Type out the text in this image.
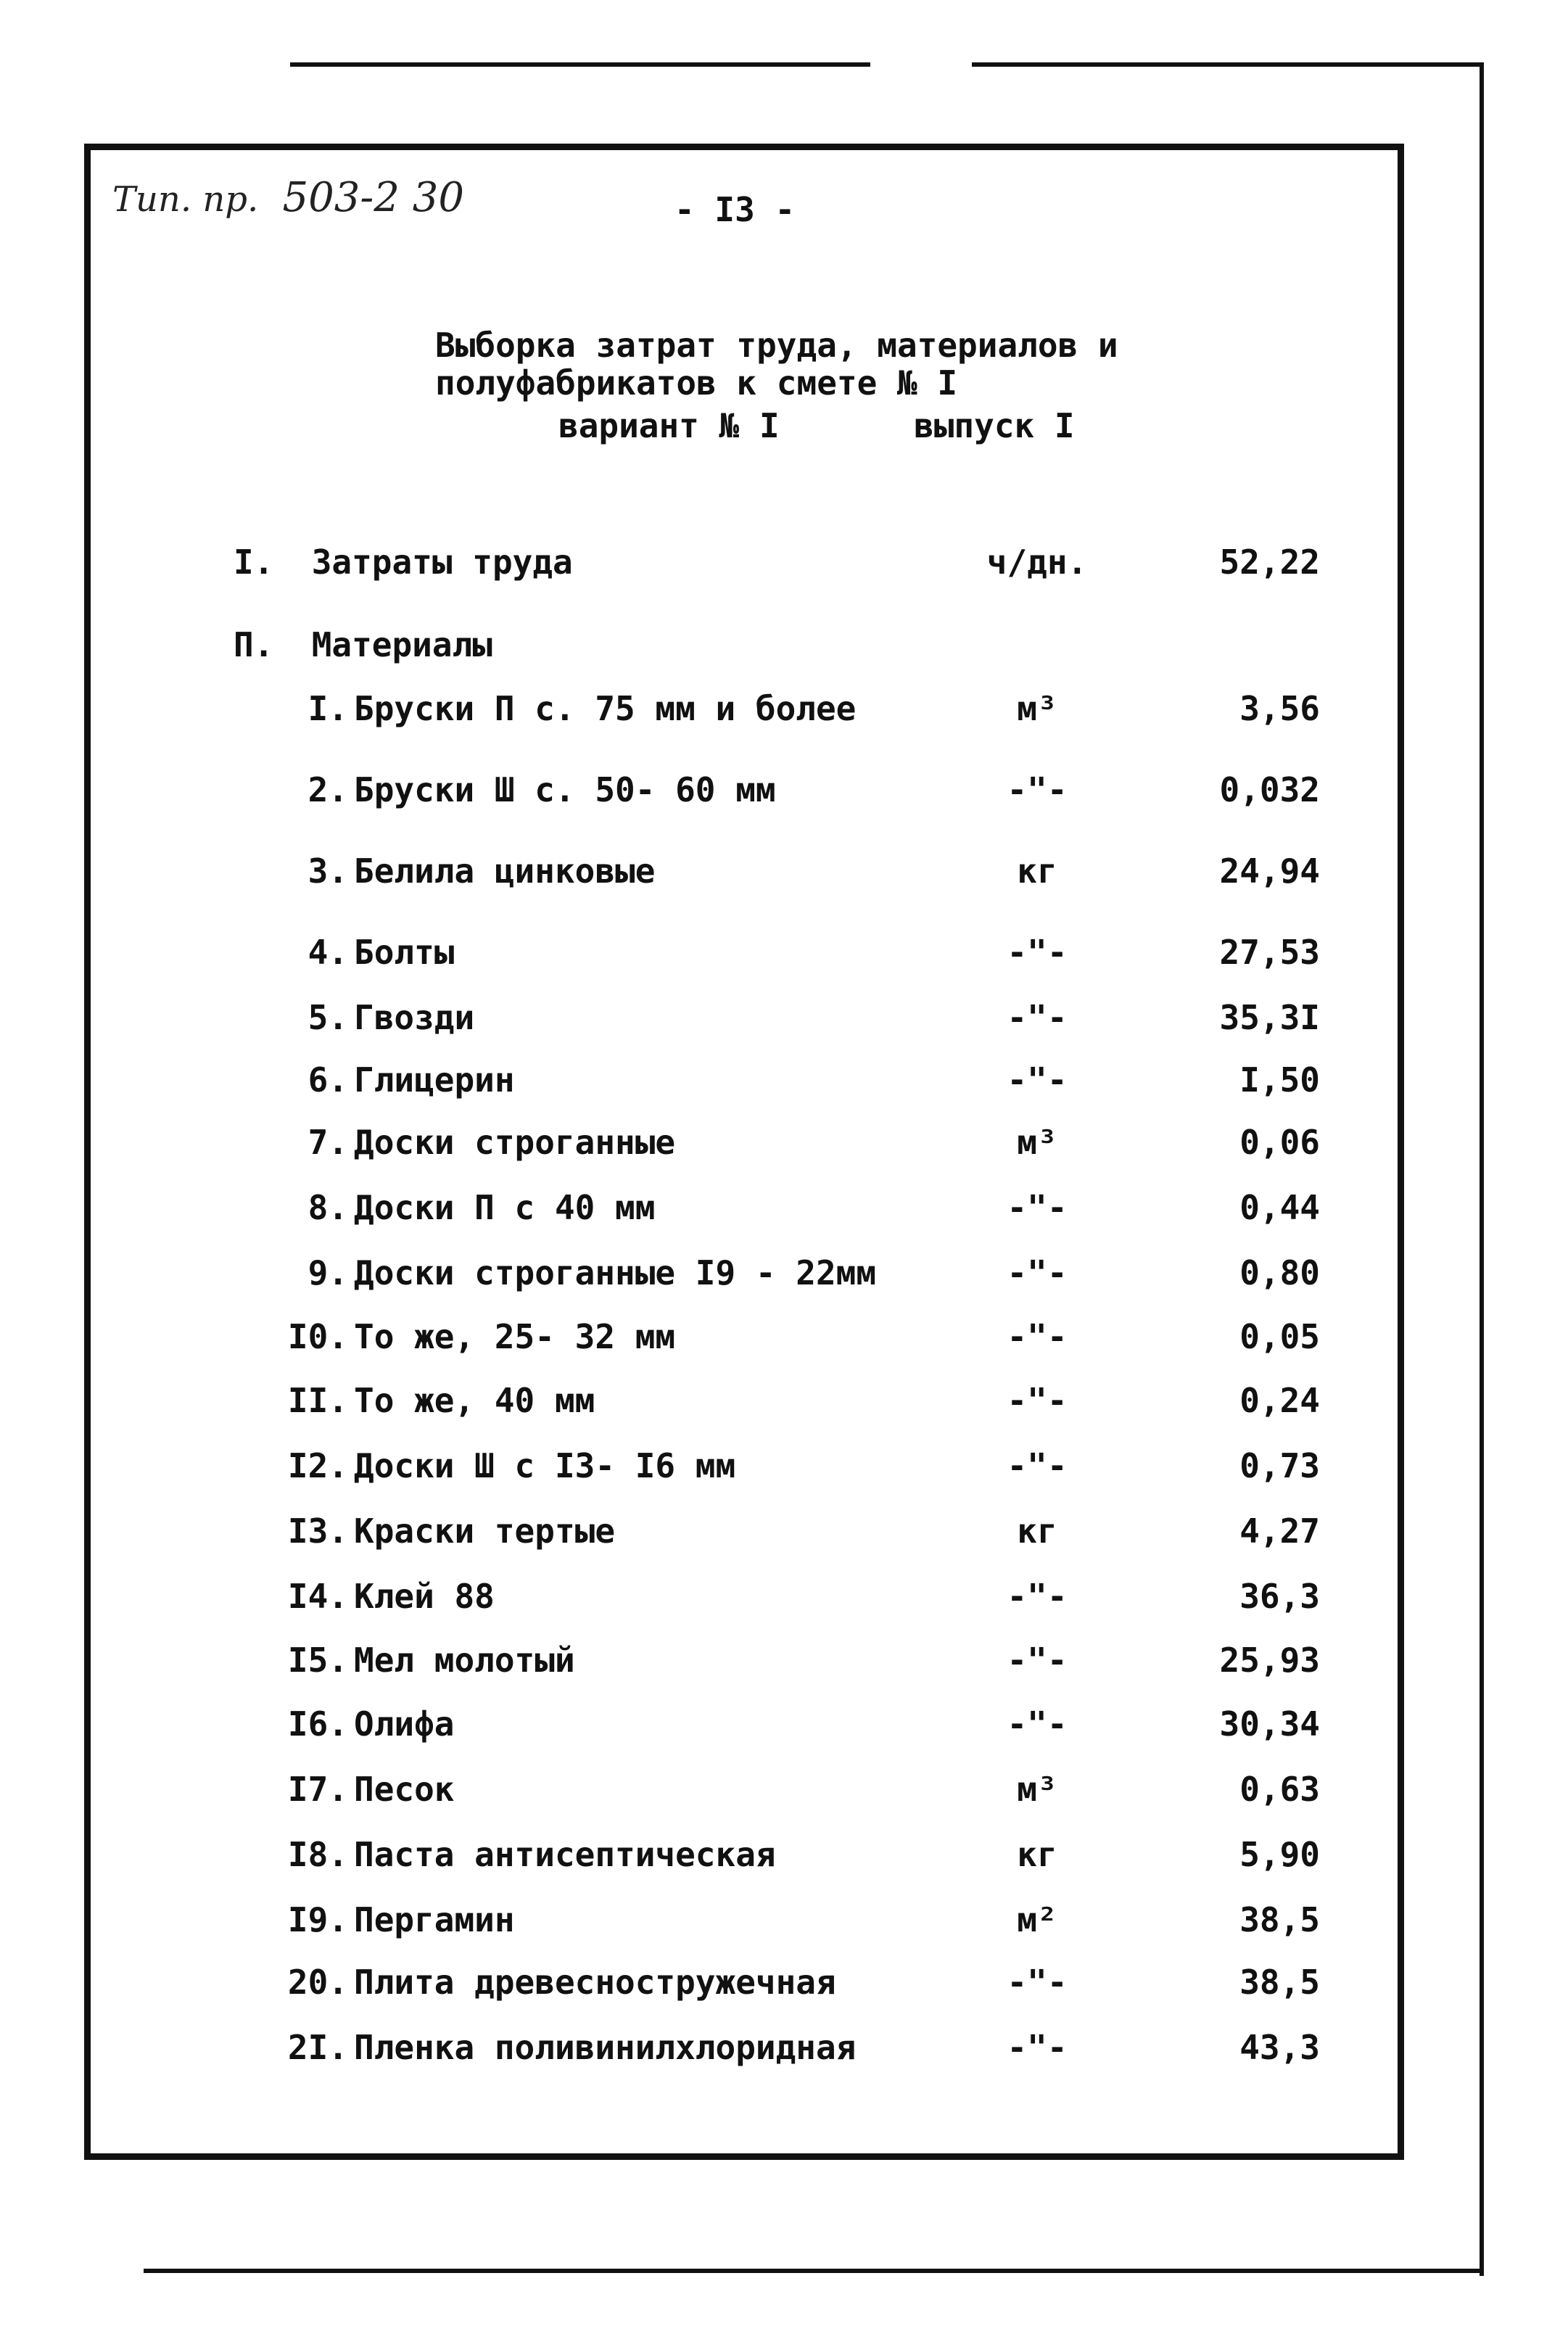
Тип. пр. 503-2 30	- I3 -
Выборка затрат труда, материалов и
полуфабрикатов к смете № I
вариант № I	выпуск I
I. Затраты труда	ч/дн.	52,22
П. Материалы
I. Бруски П с. 75 мм и более	м³	3,56
2. Бруски Ш с. 50- 60 мм	-"-	0,032
3. Белила цинковые	кг	24,94
4. Болты	-"-	27,53
5. Гвозди	-"-	35,3I
6. Глицерин	-"-	I,50
7. Доски строганные	м³	0,06
8. Доски П с 40 мм	-"-	0,44
9. Доски строганные I9 - 22мм	-"-	0,80
I0. То же, 25- 32 мм	-"-	0,05
II. То же, 40 мм	-"-	0,24
I2. Доски Ш с I3- I6 мм	-"-	0,73
I3. Краски тертые	кг	4,27
I4. Клей 88	-"-	36,3
I5. Мел молотый	-"-	25,93
I6. Олифа	-"-	30,34
I7. Песок	м³	0,63
I8. Паста антисептическая	кг	5,90
I9. Пергамин	м²	38,5
20. Плита древесностружечная	-"-	38,5
2I. Пленка поливинилхлоридная	-"-	43,3
